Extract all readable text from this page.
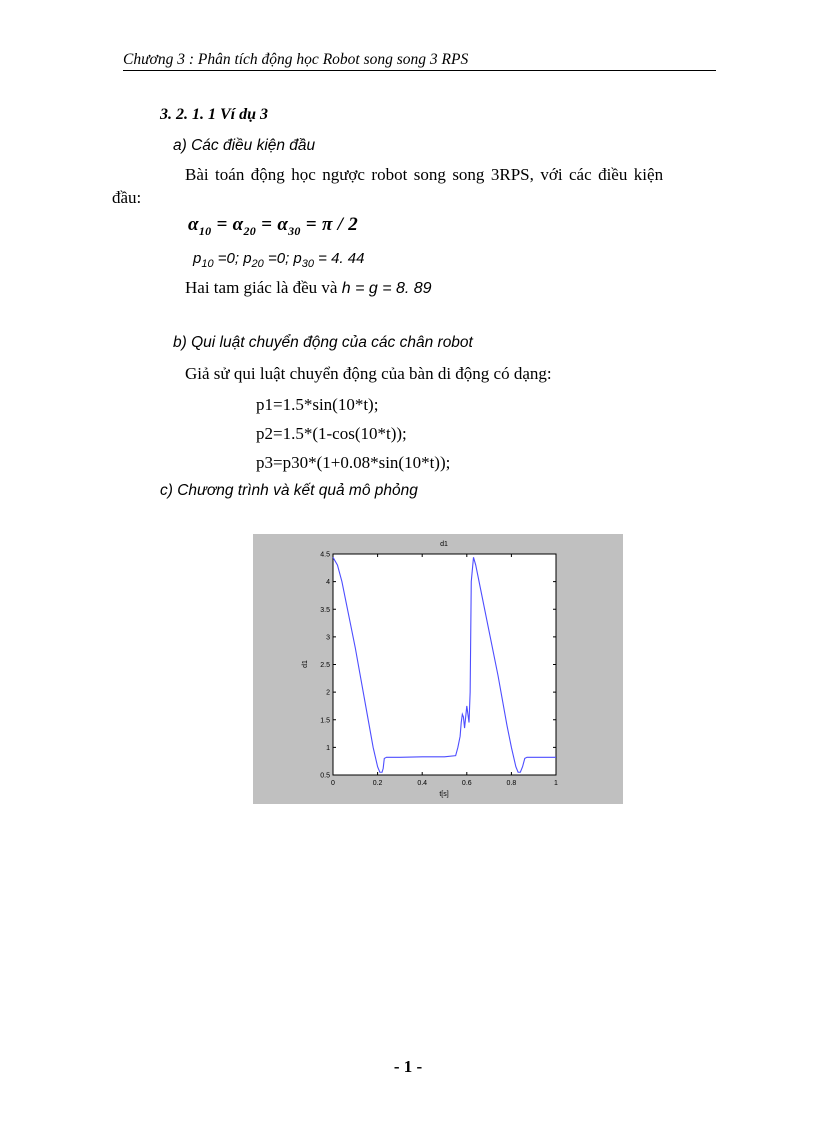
Chương 3 : Phân tích động học Robot song song 3 RPS
3. 2. 1. 1 Ví dụ 3
a) Các điều kiện đầu
Bài toán động học ngược robot song song 3RPS, với các điều kiện
đầu:
$\alpha_{10} = \alpha_{20} = \alpha_{30} = \pi / 2$
$p_{10} =0$; $p_{20} =0$; $p_{30} = 4$. 44
Hai tam giác là đều và h = g = 8. 89
b) Qui luật chuyển động của các chân robot
Giả sử qui luật chuyển động của bàn di động có dạng:
p1=1.5*sin(10*t);
p2=1.5*(1-cos(10*t));
p3=p30*(1+0.08*sin(10*t));
c) Chương trình và kết quả mô phỏng
d1
t[s]
d1
0	0.2	0.4	0.6	0.8	1
0.5
1
1.5
2
2.5
3
3.5
4
4.5
- 1 -
